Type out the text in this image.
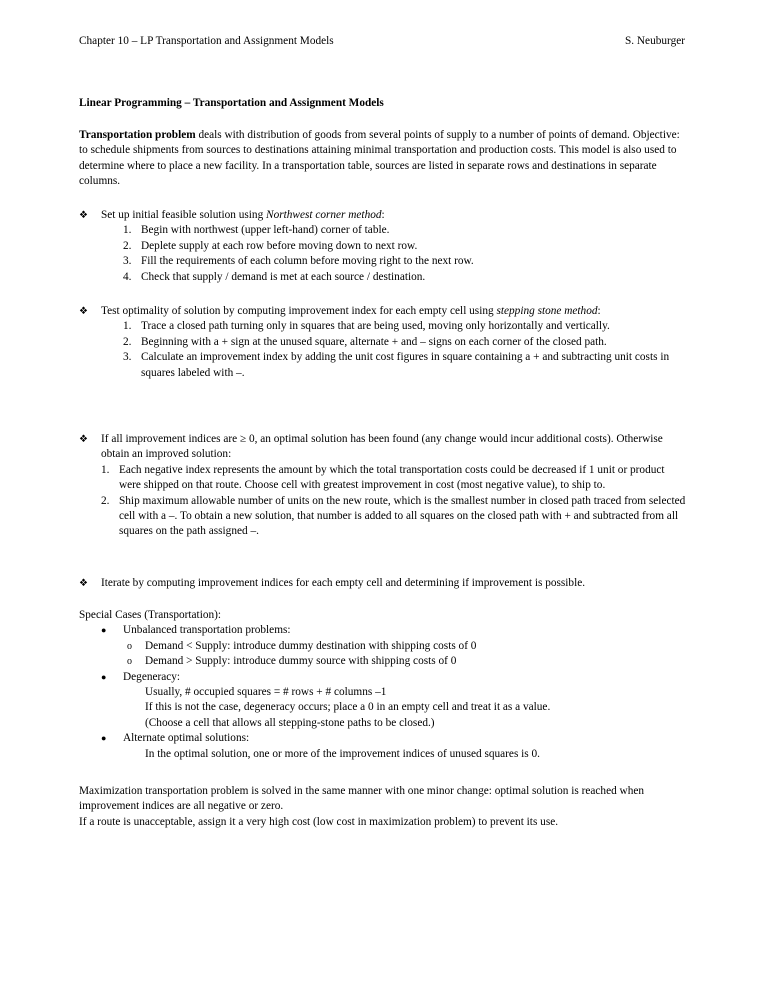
Chapter 10 – LP Transportation and Assignment Models	S. Neuburger

Linear Programming – Transportation and Assignment Models

Transportation problem deals with distribution of goods from several points of supply to a number of points of demand. Objective: to schedule shipments from sources to destinations attaining minimal transportation and production costs. This model is also used to determine where to place a new facility. In a transportation table, sources are listed in separate rows and destinations in separate columns.

❖ Set up initial feasible solution using Northwest corner method:
1. Begin with northwest (upper left-hand) corner of table.
2. Deplete supply at each row before moving down to next row.
3. Fill the requirements of each column before moving right to the next row.
4. Check that supply / demand is met at each source / destination.
❖ Test optimality of solution by computing improvement index for each empty cell using stepping stone method:
1. Trace a closed path turning only in squares that are being used, moving only horizontally and vertically.
2. Beginning with a + sign at the unused square, alternate + and – signs on each corner of the closed path.
3. Calculate an improvement index by adding the unit cost figures in square containing a + and subtracting unit costs in squares labeled with –.
❖ If all improvement indices are ≥ 0, an optimal solution has been found (any change would incur additional costs). Otherwise obtain an improved solution:
1. Each negative index represents the amount by which the total transportation costs could be decreased if 1 unit or product were shipped on that route. Choose cell with greatest improvement in cost (most negative value), to ship to.
2. Ship maximum allowable number of units on the new route, which is the smallest number in closed path traced from selected cell with a –. To obtain a new solution, that number is added to all squares on the closed path with + and subtracted from all squares on the path assigned –.
❖ Iterate by computing improvement indices for each empty cell and determining if improvement is possible.

Special Cases (Transportation):

● Unbalanced transportation problems:
o Demand < Supply: introduce dummy destination with shipping costs of 0
o Demand > Supply: introduce dummy source with shipping costs of 0
● Degeneracy:

Usually, # occupied squares = # rows + # columns –1

If this is not the case, degeneracy occurs; place a 0 in an empty cell and treat it as a value.

(Choose a cell that allows all stepping-stone paths to be closed.)

● Alternate optimal solutions:

In the optimal solution, one or more of the improvement indices of unused squares is 0.

Maximization transportation problem is solved in the same manner with one minor change: optimal solution is reached when improvement indices are all negative or zero.

If a route is unacceptable, assign it a very high cost (low cost in maximization problem) to prevent its use.
